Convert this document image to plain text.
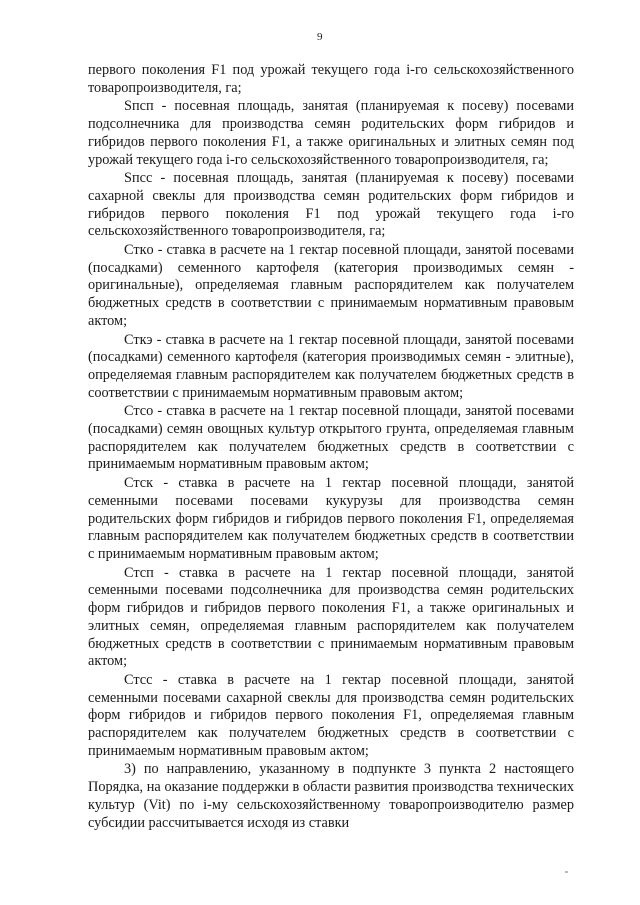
9

первого поколения F1 под урожай текущего года i-го сельскохозяйственного товаропроизводителя, га;

Sпсп - посевная площадь, занятая (планируемая к посеву) посевами подсолнечника для производства семян родительских форм гибридов и гибридов первого поколения F1, а также оригинальных и элитных семян под урожай текущего года i-го сельскохозяйственного товаропроизводителя, га;

Sпсс - посевная площадь, занятая (планируемая к посеву) посевами сахарной свеклы для производства семян родительских форм гибридов и гибридов первого поколения F1 под урожай текущего года i-го сельскохозяйственного товаропроизводителя, га;

Сткo - ставка в расчете на 1 гектар посевной площади, занятой посевами (посадками) семенного картофеля (категория производимых семян - оригинальные), определяемая главным распорядителем как получателем бюджетных средств в соответствии с принимаемым нормативным правовым актом;

Сткэ - ставка в расчете на 1 гектар посевной площади, занятой посевами (посадками) семенного картофеля (категория производимых семян - элитные), определяемая главным распорядителем как получателем бюджетных средств в соответствии с принимаемым нормативным правовым актом;

Стсо - ставка в расчете на 1 гектар посевной площади, занятой посевами (посадками) семян овощных культур открытого грунта, определяемая главным распорядителем как получателем бюджетных средств в соответствии с принимаемым нормативным правовым актом;

Стск - ставка в расчете на 1 гектар посевной площади, занятой семенными посевами посевами кукурузы для производства семян родительских форм гибридов и гибридов первого поколения F1, определяемая главным распорядителем как получателем бюджетных средств в соответствии с принимаемым нормативным правовым актом;

Стсп - ставка в расчете на 1 гектар посевной площади, занятой семенными посевами подсолнечника для производства семян родительских форм гибридов и гибридов первого поколения F1, а также оригинальных и элитных семян, определяемая главным распорядителем как получателем бюджетных средств в соответствии с принимаемым нормативным правовым актом;

Стсс - ставка в расчете на 1 гектар посевной площади, занятой семенными посевами сахарной свеклы для производства семян родительских форм гибридов и гибридов первого поколения F1, определяемая главным распорядителем как получателем бюджетных средств в соответствии с принимаемым нормативным правовым актом;

3) по направлению, указанному в подпункте 3 пункта 2 настоящего Порядка, на оказание поддержки в области развития производства технических культур (Vit) по i-му сельскохозяйственному товаропроизводителю размер субсидии рассчитывается исходя из ставки
